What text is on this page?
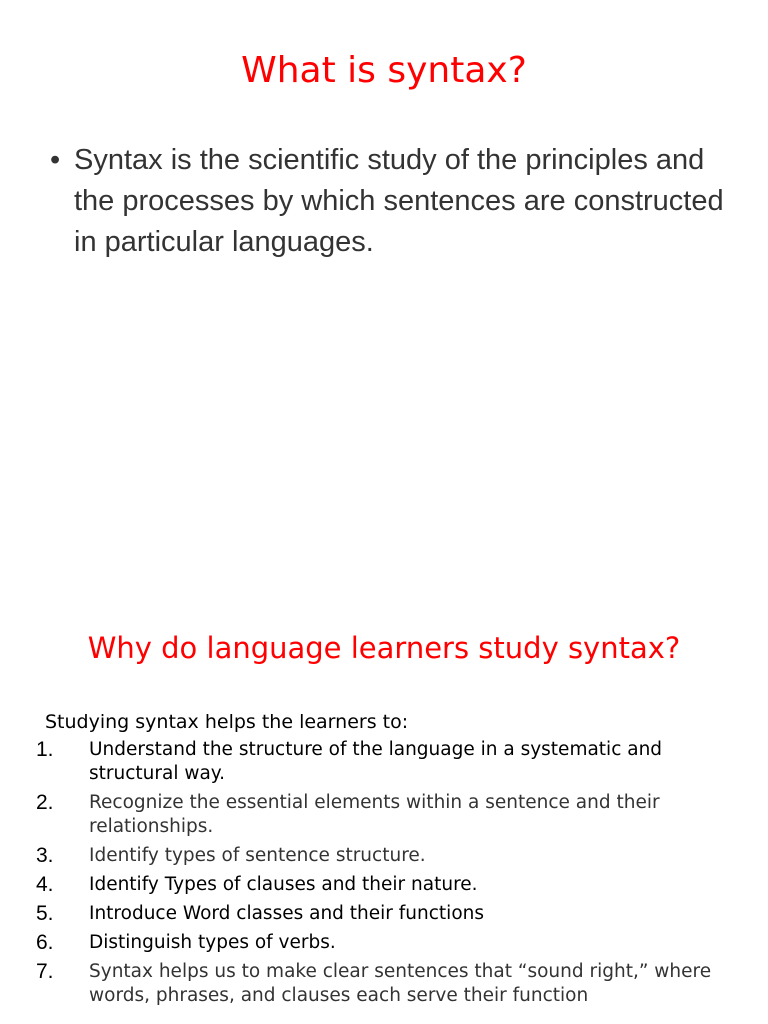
What is syntax?
• Syntax is the scientific study of the principles and the processes by which sentences are constructed in particular languages.
Why do language learners study syntax?
Studying syntax helps the learners to:
1.	Understand the structure of the language in a systematic and structural way.
2.	Recognize the essential elements within a sentence and their relationships.
3.	Identify types of sentence structure.
4.	Identify Types of clauses and their nature.
5.	Introduce Word classes and their functions
6.	Distinguish types of verbs.
7.	Syntax helps us to make clear sentences that “sound right,” where words, phrases, and clauses each serve their function
